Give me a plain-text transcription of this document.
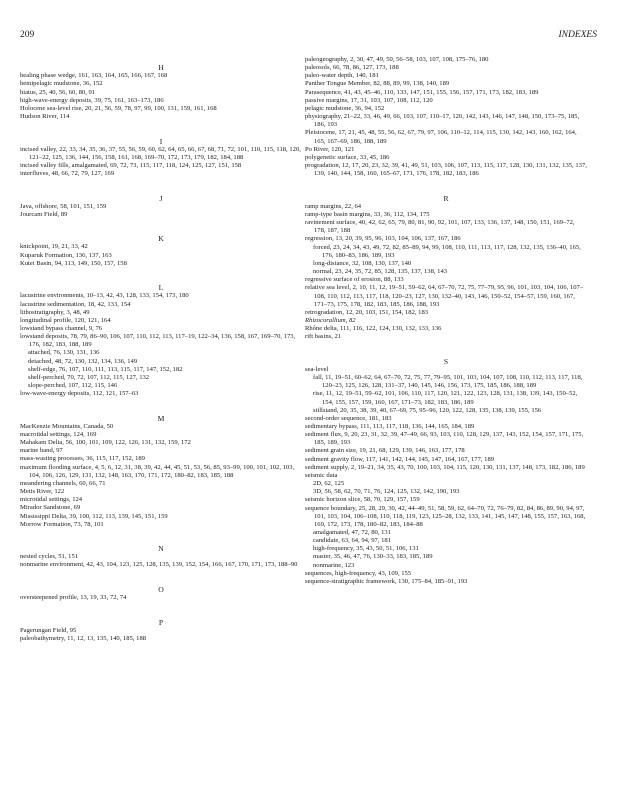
209	INDEXES
H
healing phase wedge, 161, 163, 164, 165, 166, 167, 168
hemipelagic mudstone, 36, 152
hiatus, 25, 40, 56, 60, 80, 91
high-wave-energy deposits, 39, 75, 161, 163–173, 186
Holocene sea-level rise, 20, 21, 56, 59, 78, 97, 99, 100, 131, 159, 161, 168
Hudson River, 114
I
incised valley, 22, 33, 34, 35, 36, 37, 55, 56, 59, 60, 62, 64, 65, 66, 67, 68, 71, 72, 101, 110, 115, 118, 120, 121–22, 125, 136, 144, 156, 158, 161, 168, 169–70, 172, 173, 179, 182, 184, 188
incised valley fills, amalgamated, 69, 72, 73, 115, 117, 118, 124, 125, 127, 151, 158
interfluves, 48, 66, 72, 79, 127, 169
J
Java, offshore, 58, 101, 151, 159
Jourcam Field, 89
K
knickpoint, 19, 21, 33, 42
Kuparuk Formation, 136, 137, 163
Kutei Basin, 94, 113, 149, 150, 157, 158
L
lacustrine environments, 10–13, 42, 43, 128, 133, 154, 173, 180
lacustrine sedimentation, 18, 42, 133, 154
lithostratigraphy, 3, 48, 49
longitudinal profile, 120, 121, 164
lowstand bypass channel, 9, 76
lowstand deposits, 78, 79, 86–90, 106, 107, 110, 112, 113, 117–19, 122–34, 136, 158, 167, 169–70, 173, 176, 182, 183, 188, 189
attached, 76, 130, 131, 136
detached, 48, 72, 130, 132, 134, 136, 149
shelf-edge, 76, 107, 110, 111, 113, 115, 117, 147, 152, 182
shelf-perched, 70, 72, 107, 112, 115, 127, 132
slope-perched, 107, 112, 115, 146
low-wave-energy deposits, 112, 121, 157–63
M
MacKenzie Mountains, Canada, 50
macrotidal settings, 124, 169
Mahakam Delta, 56, 100, 101, 109, 122, 126, 131, 132, 159, 172
marine band, 97
mass-wasting processes, 36, 115, 117, 152, 189
maximum flooding surface, 4, 5, 6, 12, 31, 38, 39, 42, 44, 45, 51, 53, 56, 85, 93–99, 100, 101, 102, 103, 104, 106, 126, 129, 131, 132, 148, 163, 170, 171, 172, 180–82, 183, 185, 188
meandering channels, 60, 66, 71
Metis River, 122
microtidal settings, 124
Mirador Sandstone, 69
Mississippi Delta, 39, 100, 112, 113, 139, 145, 151, 159
Morrow Formation, 73, 78, 101
N
nested cycles, 51, 151
nonmarine environment, 42, 43, 104, 123, 125, 128, 135, 139, 152, 154, 166, 167, 170, 171, 173, 188–90
O
oversteepened profile, 13, 19, 33, 72, 74
P
Pagerungan Field, 95
paleobathymetry, 11, 12, 13, 135, 140, 185, 188
paleogeography, 2, 30, 47, 49, 50, 56–58, 103, 107, 108, 175–76, 180
paleosols, 66, 78, 86, 127, 173, 188
paleo-water depth, 140, 181
Panther Tongue Member, 82, 88, 89, 99, 138, 140, 189
Parasequence, 41, 43, 45–46, 110, 133, 147, 151, 155, 156, 157, 171, 173, 182, 183, 189
passive margins, 17, 31, 103, 107, 108, 112, 120
pelagic mudstone, 36, 94, 152
physiography, 21–22, 33, 46, 49, 66, 103, 107, 110–17, 120, 142, 143, 146, 147, 148, 150, 173–75, 185, 186, 193
Pleistocene, 17, 21, 45, 48, 55, 56, 62, 67, 79, 97, 106, 110–12, 114, 115, 130, 142, 143, 160, 162, 164, 165, 167–69, 186, 188, 189
Po River, 120, 121
polygenetic surface, 33, 45, 186
progradation, 12, 17, 20, 23, 32, 39, 41, 49, 51, 103, 106, 107, 113, 115, 117, 128, 130, 131, 132, 135, 137, 139, 140, 144, 158, 160, 165–67, 171, 176, 178, 182, 183, 186
R
ramp margins, 22, 64
ramp-type basin margins, 33, 36, 112, 134, 175
ravinement surface, 40, 42, 62, 65, 79, 80, 81, 90, 92, 101, 107, 133, 136, 137, 148, 150, 151, 169–72, 178, 187, 188
regression, 13, 20, 39, 95, 96, 103, 104, 106, 137, 167, 186
forced, 23, 24, 34, 43, 49, 72, 82, 85–89, 94, 99, 108, 110, 111, 113, 117, 128, 132, 135, 136–40, 165, 176, 180–83, 186, 189, 193
long-distance, 32, 108, 130, 137, 140
normal, 23, 24, 35, 72, 85, 128, 135, 137, 138, 143
regressive surface of erosion, 88, 133
relative sea level, 2, 10, 11, 12, 19–51, 59–62, 64, 67–70, 72, 75, 77–79, 95, 96, 101, 103, 104, 106, 107–108, 110, 112, 113, 117, 118, 120–23, 127, 130, 132–40, 143, 146, 150–52, 154–57, 159, 160, 167, 171–73, 175, 178, 182, 183, 185, 186, 188, 193
retrogradation, 12, 20, 103, 151, 154, 182, 183
Rhizocorallium, 82
Rhône delta, 111, 116, 122, 124, 130, 132, 133, 136
rift basins, 21
S
sea-level
fall, 11, 19–51, 60–62, 64, 67–70, 72, 75, 77, 79–95, 101, 103, 104, 107, 108, 110, 112, 113, 117, 118, 120–23, 125, 126, 128, 131–37, 140, 145, 146, 156, 173, 175, 185, 186, 188, 189
rise, 11, 12, 19–51, 59–62, 101, 106, 110, 117, 120, 121, 122, 123, 128, 131, 138, 139, 143, 150–52, 154, 155, 157, 159, 160, 167, 171–73, 182, 183, 186, 189
stillstand, 20, 35, 38, 39, 40, 67–69, 75, 95–96, 120, 122, 128, 135, 138, 139, 155, 156
second-order sequence, 181, 183
sedimentary bypass, 111, 113, 117, 118, 136, 144, 165, 184, 189
sediment flux, 9, 20, 23, 31, 32, 39, 47–49, 66, 93, 103, 110, 128, 129, 137, 143, 152, 154, 157, 171, 175, 185, 189, 193
sediment grain size, 19, 21, 68, 129, 139, 146, 163, 177, 178
sediment gravity flow, 117, 141, 142, 144, 145, 147, 164, 167, 177, 189
sediment supply, 2, 19–21, 34, 35, 43, 70, 100, 103, 104, 115, 120, 130, 131, 137, 148, 173, 182, 186, 189
seismic data
2D, 62, 125
3D, 56, 58, 62, 70, 71, 76, 124, 125, 132, 142, 190, 193
seismic horizon slice, 58, 70, 129, 157, 159
sequence boundary, 25, 28, 29, 30, 42, 44–49, 51, 58, 59, 62, 64–70, 72, 76–79, 82, 84, 86, 89, 90, 94, 97, 101, 103, 104, 106–108, 110, 118, 119, 123, 125–28, 132, 133, 141, 145, 147, 148, 155, 157, 163, 168, 169, 172, 173, 178, 180–82, 183, 184–88
amalgamated, 47, 72, 80, 131
candidate, 63, 64, 94, 97, 181
high-frequency, 35, 43, 50, 51, 106, 131
master, 35, 46, 47, 76, 130–33, 183, 185, 189
nonmarine, 123
sequences, high-frequency, 43, 109, 155
sequence-stratigraphic framework, 130, 175–84, 185–91, 193
